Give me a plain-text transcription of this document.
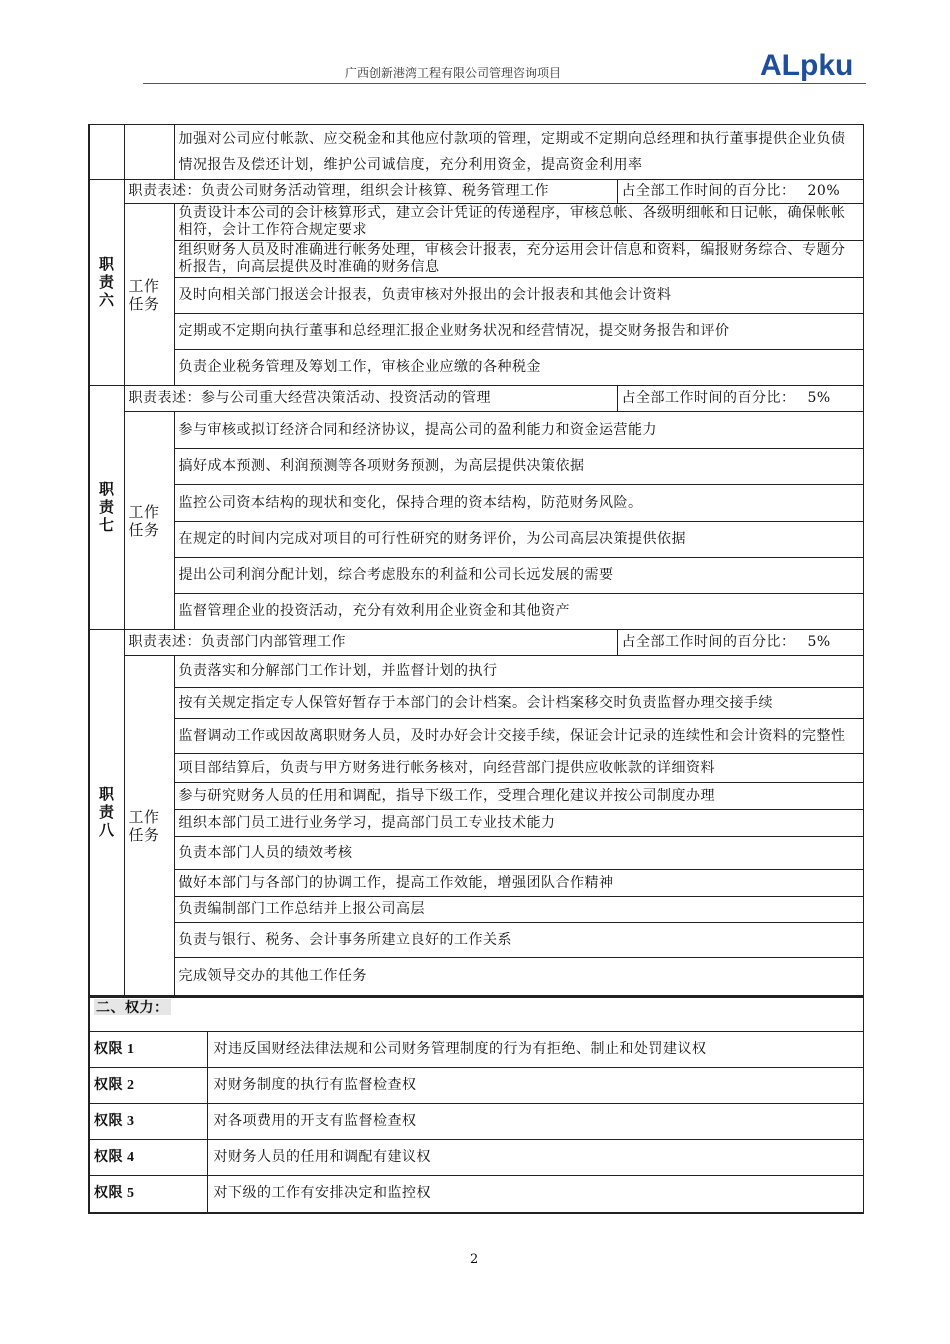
广西创新港湾工程有限公司管理咨询项目	ALpku
		加强对公司应付帐款、应交税金和其他应付款项的管理，定期或不定期向总经理和执行董事提供企业负债情况报告及偿还计划，维护公司诚信度，充分利用资金，提高资金利用率	
职责六	职责表述：负责公司财务活动管理，组织会计核算、税务管理工作		占全部工作时间的百分比： 20%
	工作任务	负责设计本公司的会计核算形式，建立会计凭证的传递程序，审核总帐、各级明细帐和日记帐，确保帐帐相符，会计工作符合规定要求	
		组织财务人员及时准确进行帐务处理，审核会计报表，充分运用会计信息和资料，编报财务综合、专题分析报告，向高层提供及时准确的财务信息	
		及时向相关部门报送会计报表，负责审核对外报出的会计报表和其他会计资料	
		定期或不定期向执行董事和总经理汇报企业财务状况和经营情况，提交财务报告和评价	
		负责企业税务管理及筹划工作，审核企业应缴的各种税金	
职责七	职责表述：参与公司重大经营决策活动、投资活动的管理		占全部工作时间的百分比： 5%
	工作任务	参与审核或拟订经济合同和经济协议，提高公司的盈利能力和资金运营能力	
		搞好成本预测、利润预测等各项财务预测，为高层提供决策依据	
		监控公司资本结构的现状和变化，保持合理的资本结构，防范财务风险。	
		在规定的时间内完成对项目的可行性研究的财务评价，为公司高层决策提供依据	
		提出公司利润分配计划，综合考虑股东的利益和公司长远发展的需要	
		监督管理企业的投资活动，充分有效利用企业资金和其他资产	
职责八	职责表述：负责部门内部管理工作		占全部工作时间的百分比： 5%
	工作任务	负责落实和分解部门工作计划，并监督计划的执行	
		按有关规定指定专人保管好暂存于本部门的会计档案。会计档案移交时负责监督办理交接手续	
		监督调动工作或因故离职财务人员，及时办好会计交接手续，保证会计记录的连续性和会计资料的完整性	
		项目部结算后，负责与甲方财务进行帐务核对，向经营部门提供应收帐款的详细资料	
		参与研究财务人员的任用和调配，指导下级工作，受理合理化建议并按公司制度办理	
		组织本部门员工进行业务学习，提高部门员工专业技术能力	
		负责本部门人员的绩效考核	
		做好本部门与各部门的协调工作，提高工作效能，增强团队合作精神	
		负责编制部门工作总结并上报公司高层	
		负责与银行、税务、会计事务所建立良好的工作关系	
		完成领导交办的其他工作任务	
二、权力：	
权限 1	对违反国财经法律法规和公司财务管理制度的行为有拒绝、制止和处罚建议权
权限 2	对财务制度的执行有监督检查权
权限 3	对各项费用的开支有监督检查权
权限 4	对财务人员的任用和调配有建议权
权限 5	对下级的工作有安排决定和监控权
2
